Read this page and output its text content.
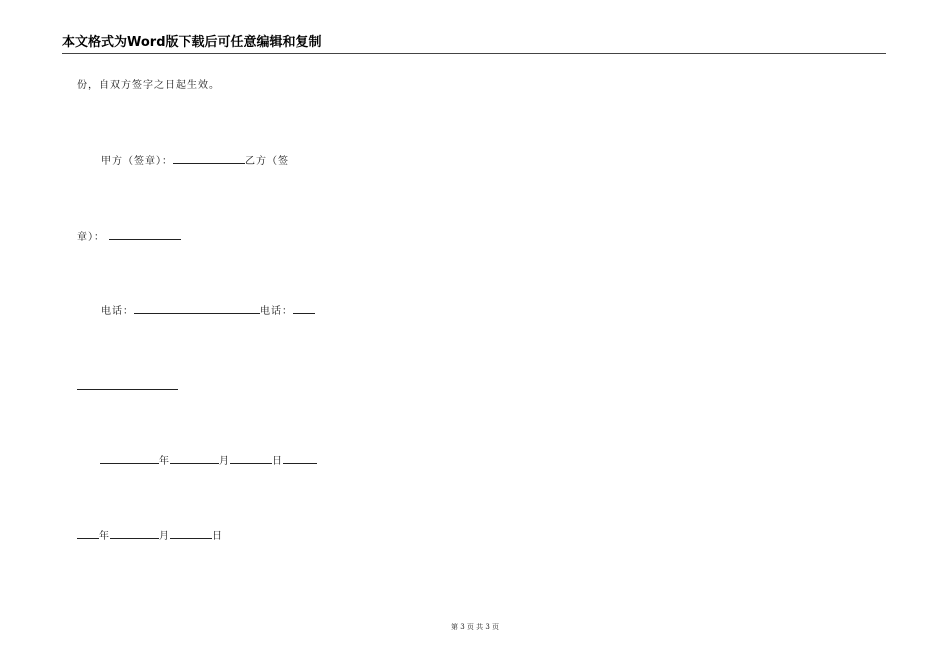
本文格式为Word版下载后可任意编辑和复制
份，自双方签字之日起生效。
甲方（签章）：	乙方（签
章）：
电话：	电话：
年	月	日
年	月	日
第 3 页 共 3 页
